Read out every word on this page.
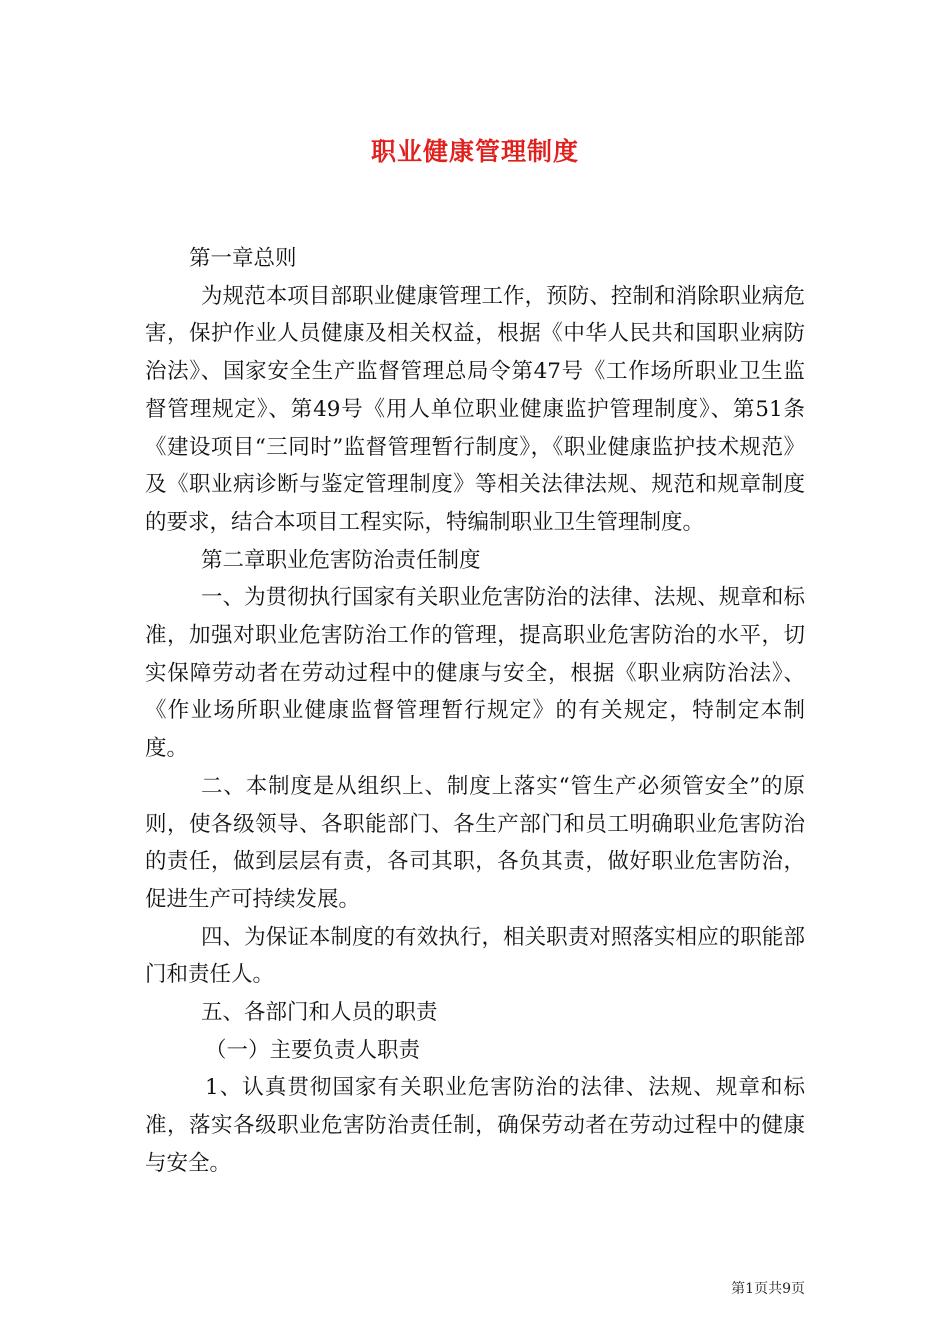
职业健康管理制度

第一章总则

为规范本项目部职业健康管理工作，预防、控制和消除职业病危害，保护作业人员健康及相关权益，根据《中华人民共和国职业病防治法》、国家安全生产监督管理总局令第47号《工作场所职业卫生监督管理规定》、第49号《用人单位职业健康监护管理制度》、第51条《建设项目“三同时”监督管理暂行制度》，《职业健康监护技术规范》及《职业病诊断与鉴定管理制度》等相关法律法规、规范和规章制度的要求，结合本项目工程实际，特编制职业卫生管理制度。

第二章职业危害防治责任制度

一、为贯彻执行国家有关职业危害防治的法律、法规、规章和标准，加强对职业危害防治工作的管理，提高职业危害防治的水平，切实保障劳动者在劳动过程中的健康与安全，根据《职业病防治法》、《作业场所职业健康监督管理暂行规定》的有关规定，特制定本制度。

二、本制度是从组织上、制度上落实“管生产必须管安全”的原则，使各级领导、各职能部门、各生产部门和员工明确职业危害防治的责任，做到层层有责，各司其职，各负其责，做好职业危害防治，促进生产可持续发展。

四、为保证本制度的有效执行，相关职责对照落实相应的职能部门和责任人。

五、各部门和人员的职责

（一）主要负责人职责

1、认真贯彻国家有关职业危害防治的法律、法规、规章和标准，落实各级职业危害防治责任制，确保劳动者在劳动过程中的健康与安全。

第1页共9页
